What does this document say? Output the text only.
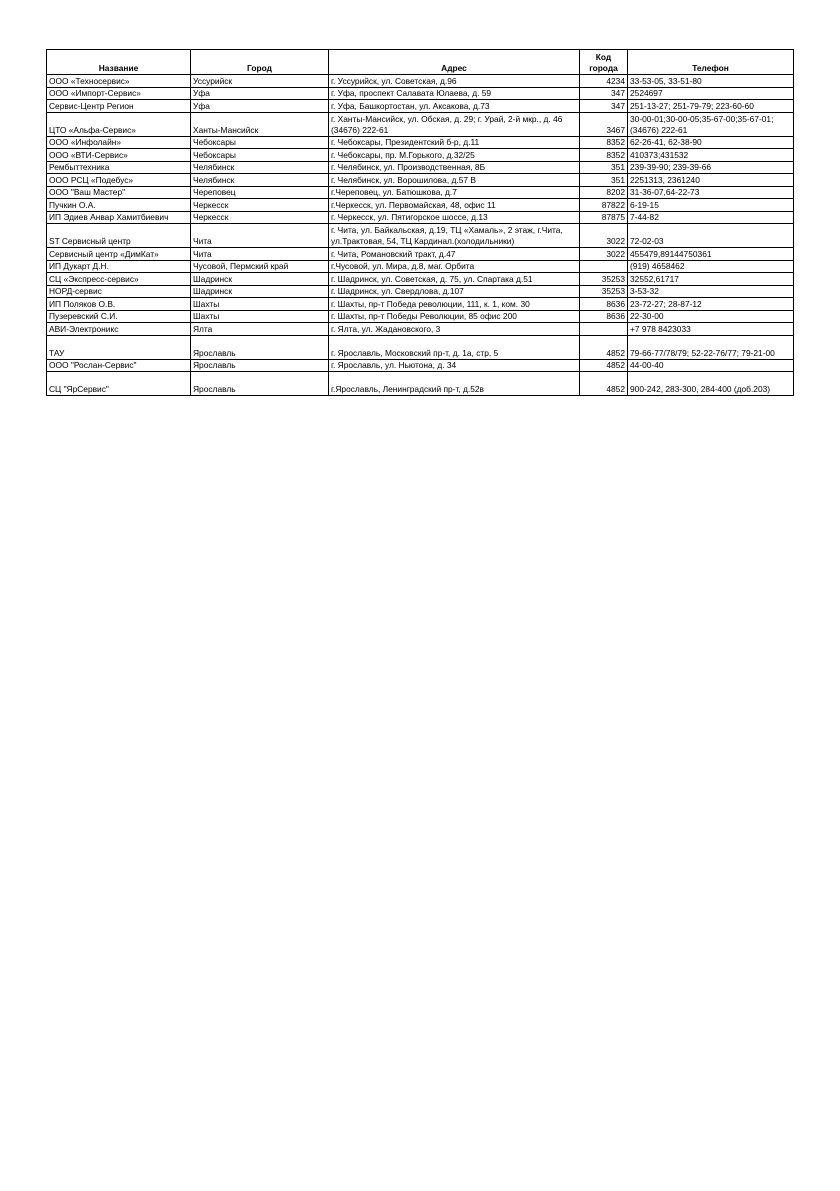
Название	Город	Адрес	Код города	Телефон
ООО «Техносервис»	Уссурийск	г. Уссурийск, ул. Советская, д.96	4234	33-53-05, 33-51-80
ООО «Импорт-Сервис»	Уфа	г. Уфа, проспект Салавата Юлаева, д. 59	347	2524697
Сервис-Центр Регион	Уфа	г. Уфа, Башкортостан, ул. Аксакова, д.73	347	251-13-27; 251-79-79; 223-60-60
ЦТО «Альфа-Сервис»	Ханты-Мансийск	г. Ханты-Мансийск, ул. Обская, д. 29; г. Урай, 2-й мкр., д. 46 (34676) 222-61	3467	30-00-01;30-00-05;35-67-00;35-67-01;(34676) 222-61
ООО «Инфолайн»	Чебоксары	г. Чебоксары, Президентский б-р, д.11	8352	62-26-41, 62-38-90
ООО «ВТИ-Сервис»	Чебоксары	г. Чебоксары, пр. М.Горького, д.32/25	8352	410373;431532
Рембыттехника	Челябинск	г. Челябинск, ул. Производственная, 8Б	351	239-39-90; 239-39-66
ООО РСЦ «Подебус»	Челябинск	г. Челябинск, ул. Ворошилова, д.57 В	351	2251313, 2361240
ООО "Ваш Мастер"	Череповец	г.Череповец, ул. Батюшкова, д.7	8202	31-36-07,64-22-73
Пучкин О.А.	Черкесск	г.Черкесск, ул. Первомайская, 48, офис 11	87822	6-19-15
ИП Эдиев Анвар Хамитбиевич	Черкесск	г. Черкесск, ул. Пятигорское шоссе, д.13	87875	7-44-82
ST Сервисный центр	Чита	г. Чита, ул. Байкальская, д.19, ТЦ «Хамаль», 2 этаж, г.Чита, ул.Трактовая, 54, ТЦ Кардинал.(холодильники)	3022	72-02-03
Сервисный центр «ДимКат»	Чита	г. Чита, Романовский тракт, д.47	3022	455479,89144750361
ИП Дукарт Д.Н.	Чусовой, Пермский край	г.Чусовой, ул. Мира, д.8, маг. Орбита		(919) 4658462
СЦ «Экспресс-сервис»	Шадринск	г. Шадринск, ул. Советская, д. 75, ул. Спартака д.51	35253	32552,61717
НОРД-сервис	Шадринск	г. Шадринск, ул. Свердлова, д.107	35253	3-53-32
ИП Поляков О.В.	Шахты	г. Шахты, пр-т Победа революции, 111, к. 1, ком. 30	8636	23-72-27; 28-87-12
Пузеревский С.И.	Шахты	г. Шахты, пр-т Победы Революции, 85 офис 200	8636	22-30-00
АВИ-Электроникс	Ялта	г. Ялта, ул. Жадановского, 3		+7 978 8423033
ТАУ	Ярославль	г. Ярославль, Московский пр-т, д. 1а, стр. 5	4852	79-66-77/78/79; 52-22-76/77; 79-21-00
ООО "Рослан-Сервис"	Ярославль	г. Ярославль, ул. Ньютона, д. 34	4852	44-00-40
СЦ "ЯрСервис"	Ярославль	г.Ярославль, Ленинградский пр-т, д.52в	4852	900-242, 283-300, 284-400 (доб.203)
